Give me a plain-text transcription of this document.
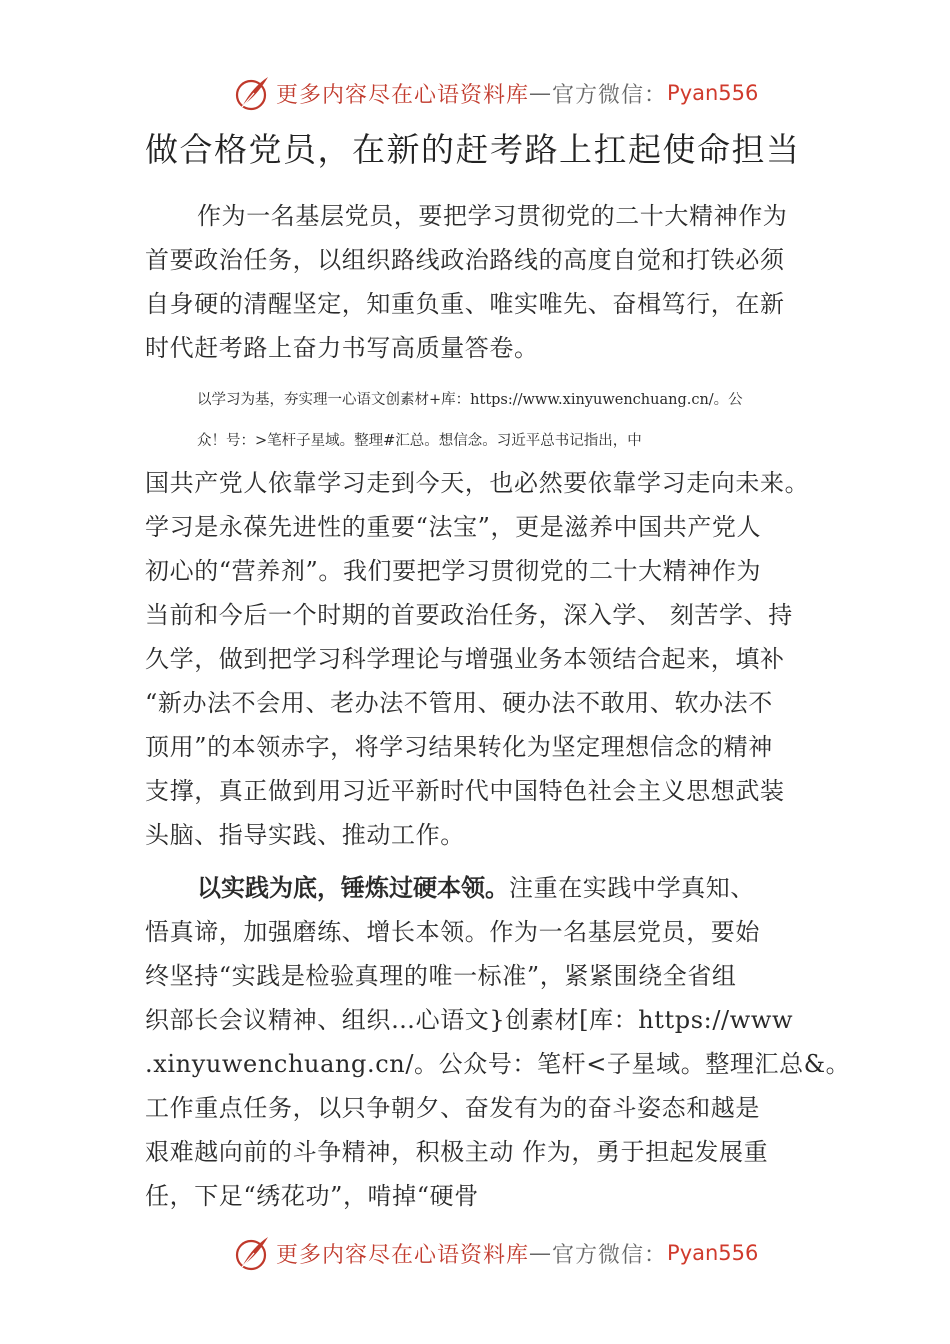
更多内容尽在心语资料库 — 官方微信： Pyan556
做合格党员，在新的赶考路上扛起使命担当
作为一名基层党员，要把学习贯彻党的二十大精神作为
首要政治任务，以组织路线政治路线的高度自觉和打铁必须
自身硬的清醒坚定，知重负重、唯实唯先、奋楫笃行，在新
时代赶考路上奋力书写高质量答卷。
以学习为基，夯实理一心语文创素材+库：https://www.xinyuwenchuang.cn/。公
众！号：>笔杆子星域。整理#汇总。想信念。习近平总书记指出，中
国共产党人依靠学习走到今天，也必然要依靠学习走向未来。
学习是永葆先进性的重要“法宝”，更是滋养中国共产党人
初心的“营养剂”。我们要把学习贯彻党的二十大精神作为
当前和今后一个时期的首要政治任务，深入学、 刻苦学、持
久学，做到把学习科学理论与增强业务本领结合起来，填补
“新办法不会用、老办法不管用、硬办法不敢用、软办法不
顶用”的本领赤字，将学习结果转化为坚定理想信念的精神
支撑，真正做到用习近平新时代中国特色社会主义思想武装
头脑、指导实践、推动工作。
以实践为底，锤炼过硬本领。注重在实践中学真知、
悟真谛，加强磨练、增长本领。作为一名基层党员，要始
终坚持“实践是检验真理的唯一标准”，紧紧围绕全省组
织部长会议精神、组织…心语文}创素材[库：https://www
.xinyuwenchuang.cn/。公众号：笔杆<子星域。整理汇总&。
工作重点任务，以只争朝夕、奋发有为的奋斗姿态和越是
艰难越向前的斗争精神，积极主动 作为，勇于担起发展重
任，下足“绣花功”，啃掉“硬骨
更多内容尽在心语资料库 — 官方微信： Pyan556
